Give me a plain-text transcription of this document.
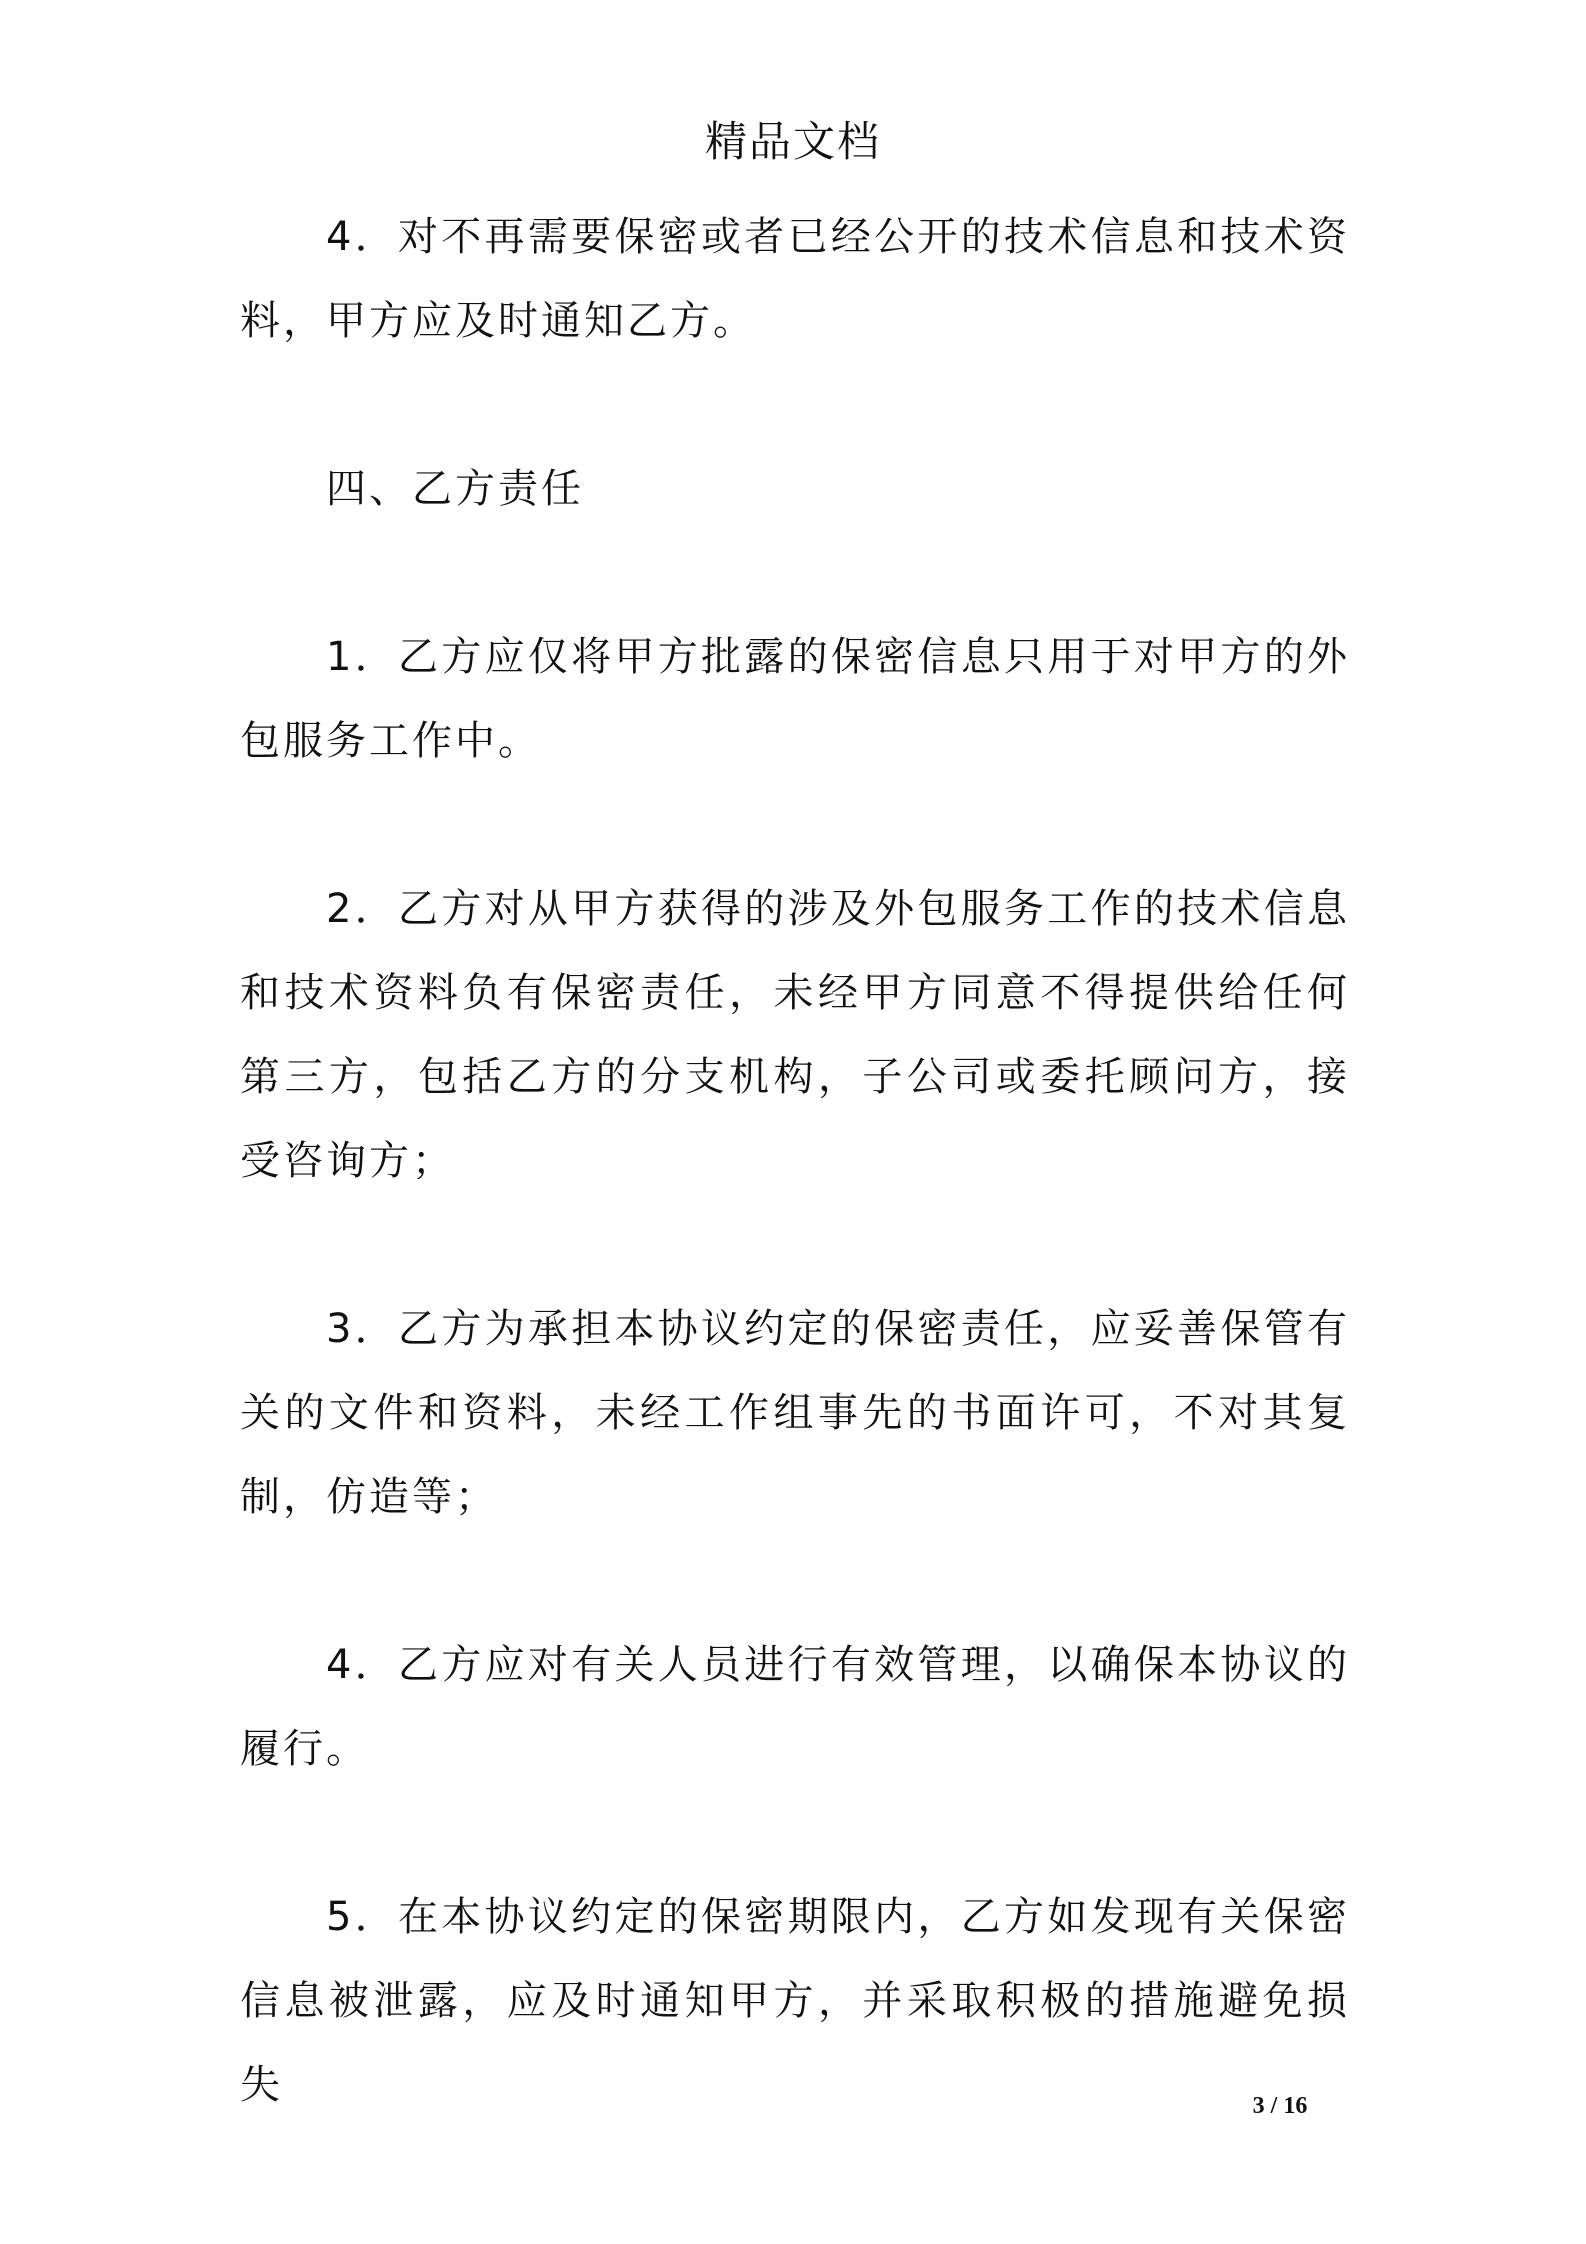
精品文档

4．对不再需要保密或者已经公开的技术信息和技术资料，甲方应及时通知乙方。

四、乙方责任

1．乙方应仅将甲方批露的保密信息只用于对甲方的外包服务工作中。

2．乙方对从甲方获得的涉及外包服务工作的技术信息和技术资料负有保密责任，未经甲方同意不得提供给任何第三方，包括乙方的分支机构，子公司或委托顾问方，接受咨询方；

3．乙方为承担本协议约定的保密责任，应妥善保管有关的文件和资料，未经工作组事先的书面许可，不对其复制，仿造等；

4．乙方应对有关人员进行有效管理，以确保本协议的履行。

5．在本协议约定的保密期限内，乙方如发现有关保密信息被泄露，应及时通知甲方，并采取积极的措施避免损失	3 / 16
